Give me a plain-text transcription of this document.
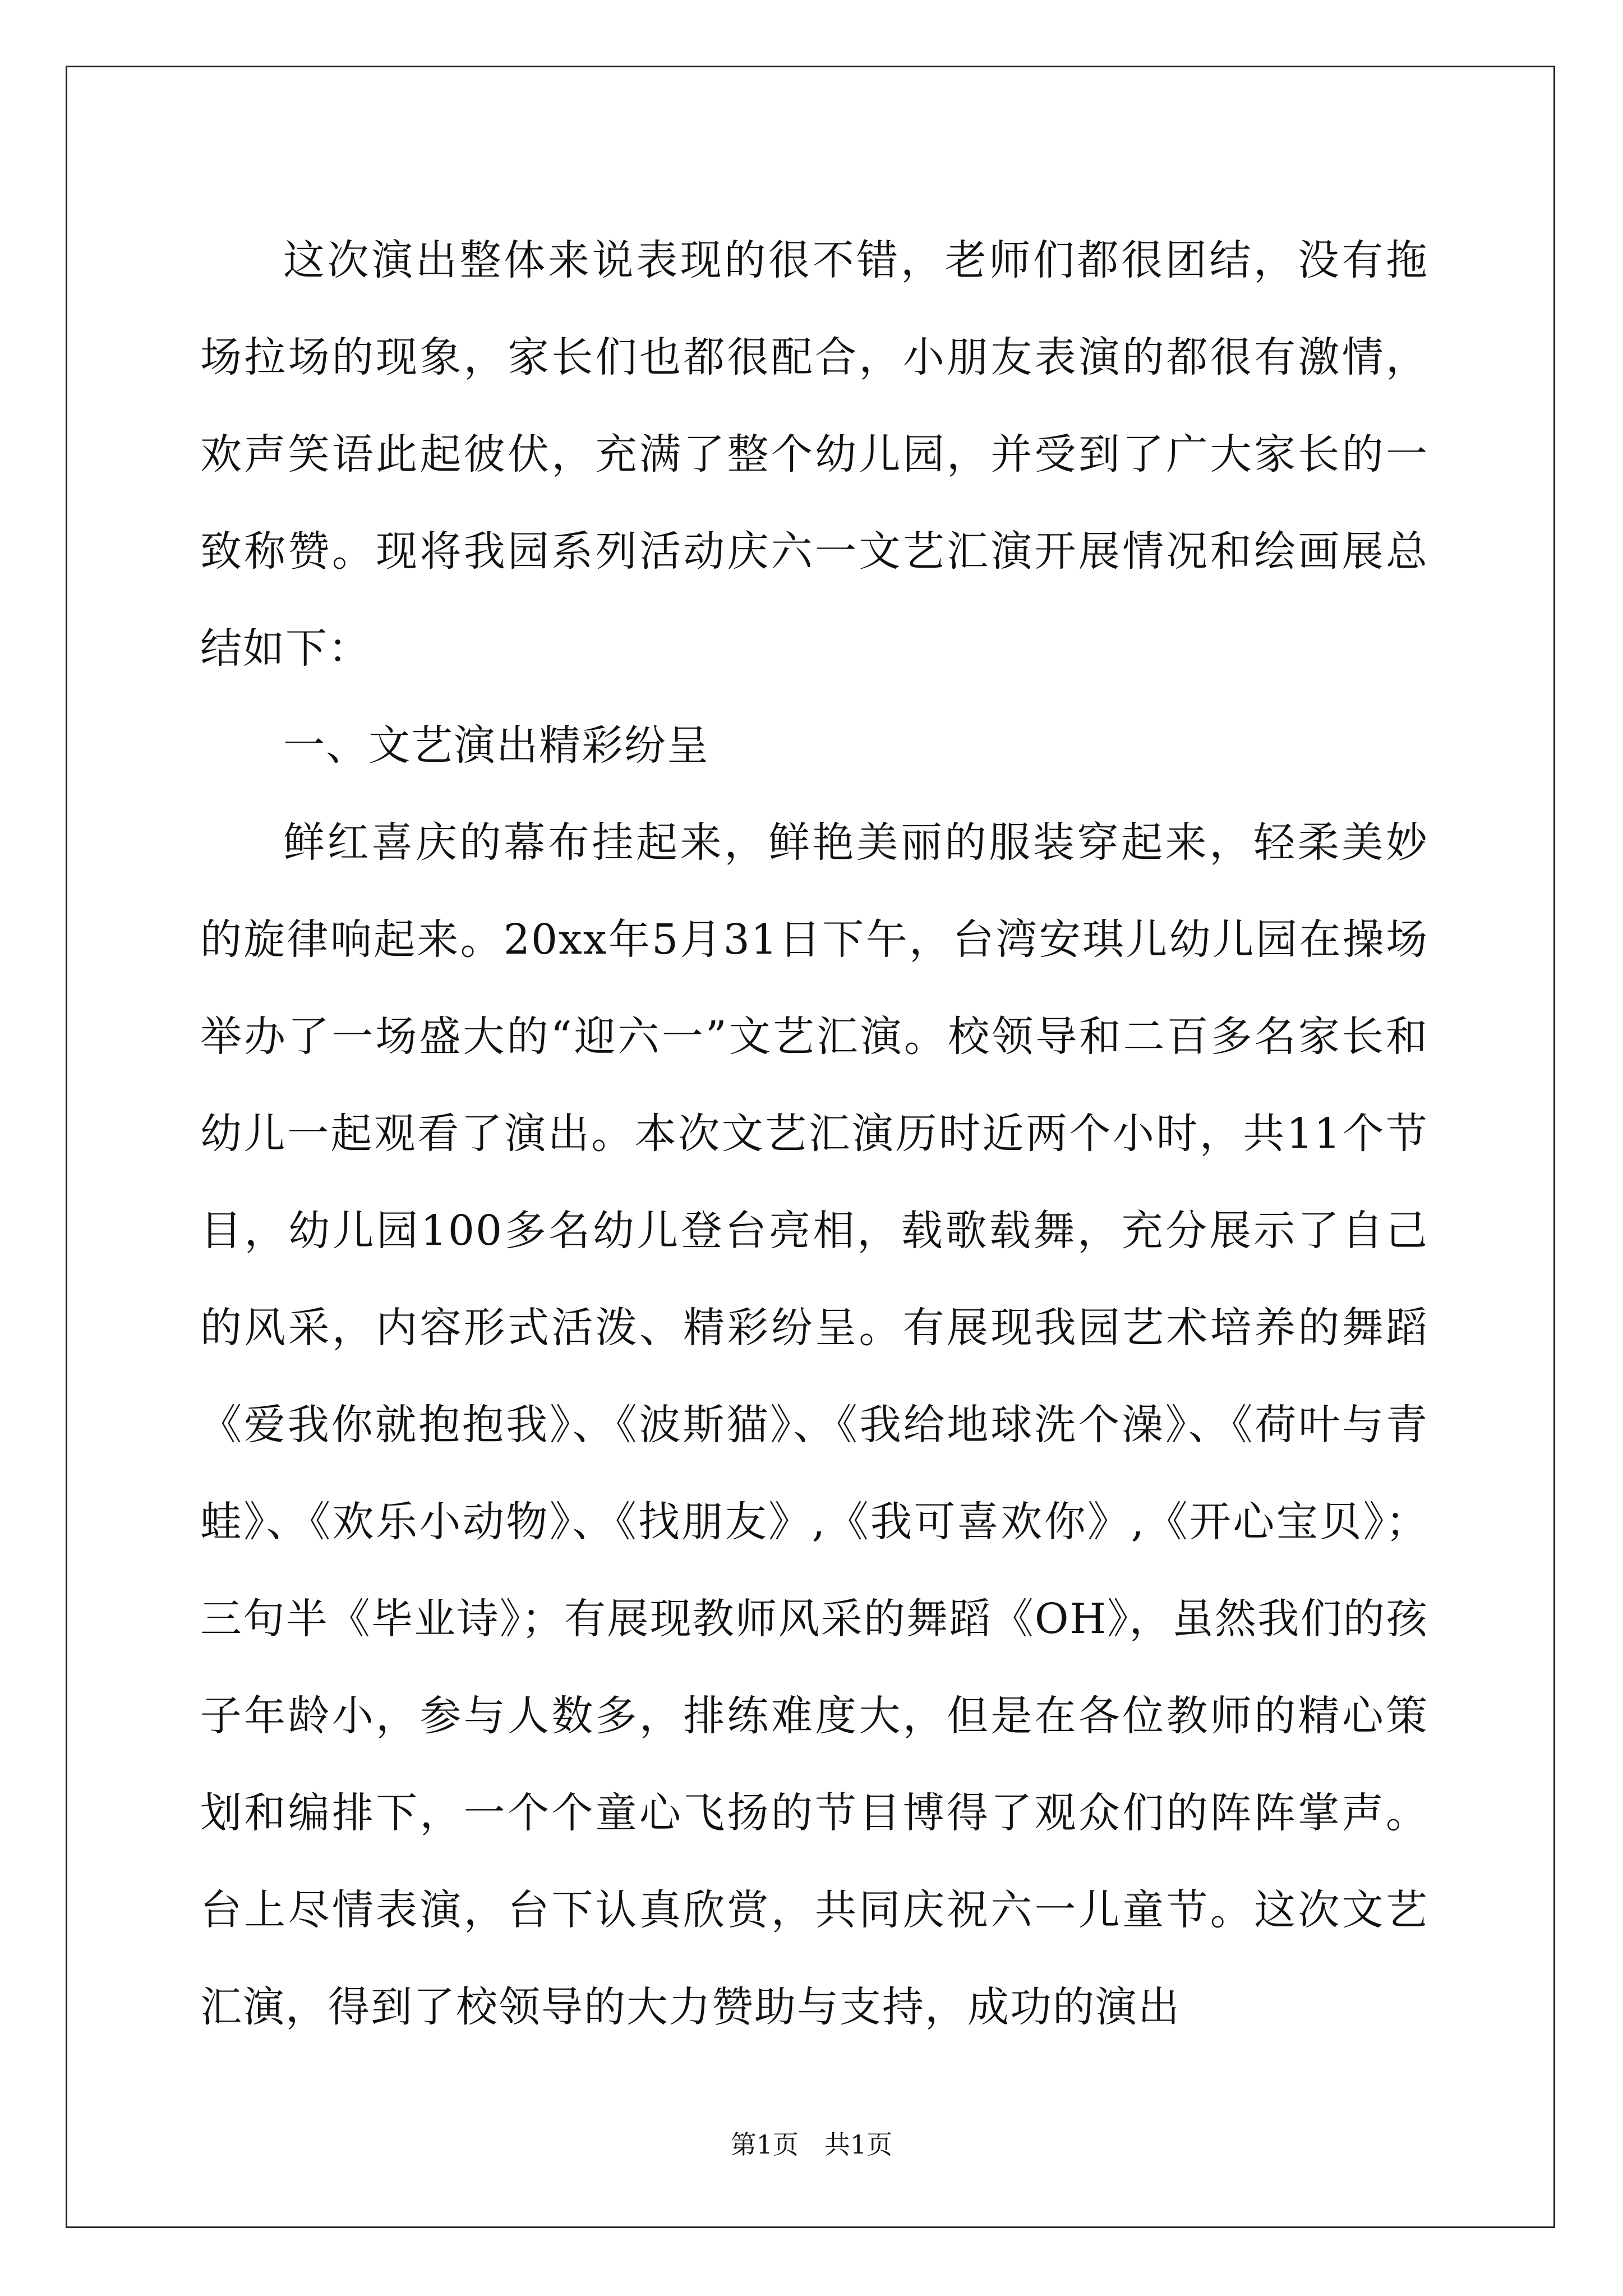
这次演出整体来说表现的很不错，老师们都很团结，没有拖场拉场的现象，家长们也都很配合，小朋友表演的都很有激情，欢声笑语此起彼伏，充满了整个幼儿园，并受到了广大家长的一致称赞。现将我园系列活动庆六一文艺汇演开展情况和绘画展总结如下：

一、文艺演出精彩纷呈

鲜红喜庆的幕布挂起来，鲜艳美丽的服装穿起来，轻柔美妙的旋律响起来。20xx年5月31日下午，台湾安琪儿幼儿园在操场举办了一场盛大的“迎六一”文艺汇演。校领导和二百多名家长和幼儿一起观看了演出。本次文艺汇演历时近两个小时，共11个节目，幼儿园100多名幼儿登台亮相，载歌载舞，充分展示了自己的风采，内容形式活泼、精彩纷呈。有展现我园艺术培养的舞蹈《爱我你就抱抱我》、《波斯猫》、《我给地球洗个澡》、《荷叶与青蛙》、《欢乐小动物》、《找朋友》,《我可喜欢你》,《开心宝贝》；三句半《毕业诗》；有展现教师风采的舞蹈《OH》，虽然我们的孩子年龄小，参与人数多，排练难度大，但是在各位教师的精心策划和编排下，一个个童心飞扬的节目博得了观众们的阵阵掌声。台上尽情表演，台下认真欣赏，共同庆祝六一儿童节。这次文艺汇演，得到了校领导的大力赞助与支持，成功的演出

第1页　共1页
